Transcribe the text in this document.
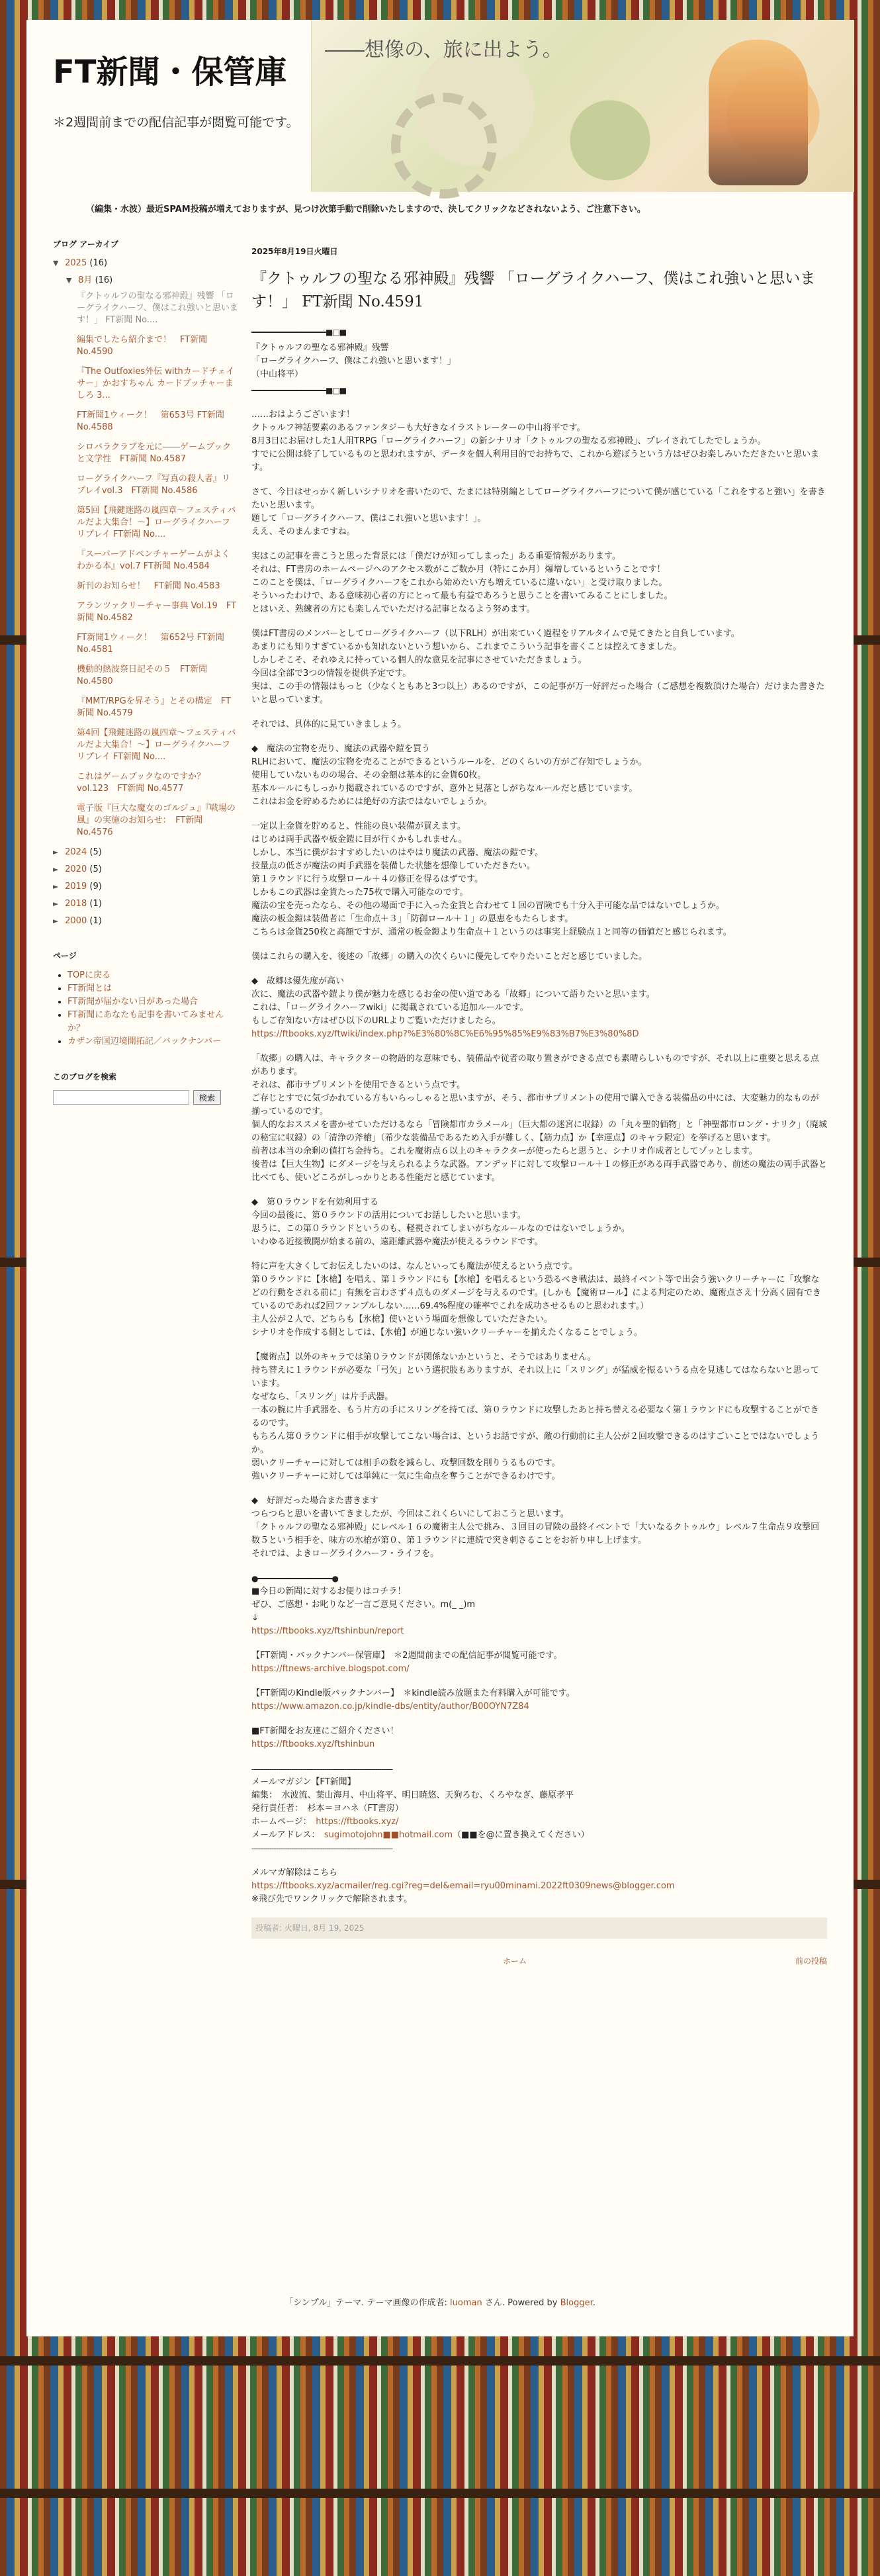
FT新聞・保管庫
＊2週間前までの配信記事が閲覧可能です。
――想像の、旅に出よう。
（編集・水波）最近SPAM投稿が増えておりますが、見つけ次第手動で削除いたしますので、決してクリックなどされないよう、ご注意下さい。
ブログ アーカイブ
▼ 2025 (16)
▼ 8月 (16)
『クトゥルフの聖なる邪神殿』残響 「ローグライクハーフ、僕はこれ強いと思います！」 FT新聞 No....
編集でしたら紹介まで！　FT新聞 No.4590
『The Outfoxies外伝 withカードチェイサー」かおすちゃん カードブッチャーましろ 3...
FT新聞1ウィーク！　第653号 FT新聞 No.4588
シロバラクラブを元に――ゲームブックと文学性　FT新聞 No.4587
ローグライクハーフ『写真の殺人者』リプレイvol.3　FT新聞 No.4586
第5回【飛鍵迷路の嵐四章〜フェスティバルだよ大集合！〜】ローグライクハーフリプレイ FT新聞 No....
『スーパーアドベンチャーゲームがよくわかる本』vol.7 FT新聞 No.4584
新刊のお知らせ！　FT新聞 No.4583
アランツァクリーチャー事典 Vol.19　FT新聞 No.4582
FT新聞1ウィーク！　第652号 FT新聞 No.4581
機動的熱波祭日記その５　FT新聞 No.4580
『MMT/RPGを昇そう』とその構定　FT新聞 No.4579
第4回【飛鍵迷路の嵐四章〜フェスティバルだよ大集合！〜】ローグライクハーフリプレイ FT新聞 No....
これはゲームブックなのですか？　vol.123　FT新聞 No.4577
電子版『巨大な魔女のゴルジュ』『戦場の風』の実施のお知らせ：　FT新聞 No.4576
► 2024 (5)
► 2020 (5)
► 2019 (9)
► 2018 (1)
► 2000 (1)
ページ
• TOPに戻る
• FT新聞とは
• FT新聞が届かない日があった場合
• FT新聞にあなたも記事を書いてみませんか？
• カザン帝国辺境開拓記／バックナンバー
このブログを検索
検索
2025年8月19日火曜日
『クトゥルフの聖なる邪神殿』残響 「ローグライクハーフ、僕はこれ強いと思います！」 FT新聞 No.4591

━━━━━━━━━━━━━━━━━━■□■

『クトゥルフの聖なる邪神殿』残響
「ローグライクハーフ、僕はこれ強いと思います！」
（中山将平）

━━━━━━━━━━━━━━━━━━■□■

……おはようございます！
クトゥルフ神話要素のあるファンタジーも大好きなイラストレーターの中山将平です。
8月3日にお届けした1人用TRPG「ローグライクハーフ」の新シナリオ「クトゥルフの聖なる邪神殿」、プレイされてしたでしょうか。
すでに公開は終了しているものと思われますが、データを個人利用目的でお持ちで、これから遊ぼうという方はぜひお楽しみいただきたいと思います。

さて、今日はせっかく新しいシナリオを書いたので、たまには特別編としてローグライクハーフについて僕が感じている「これをすると強い」を書きたいと思います。
題して「ローグライクハーフ、僕はこれ強いと思います！」。
ええ、そのまんまですね。

実はこの記事を書こうと思った背景には「僕だけが知ってしまった」ある重要情報があります。
それは、FT書房のホームページへのアクセス数がこご数か月（特にこか月）爆増しているということです！
このことを僕は、「ローグライクハーフをこれから始めたい方も増えているに違いない」と受け取りました。
そういったわけで、ある意味初心者の方にとって最も有益であろうと思うことを書いてみることにしました。
とはいえ、熟練者の方にも楽しんでいただける記事となるよう努めます。

僕はFT書房のメンバーとしてローグライクハーフ（以下RLH）が出来ていく過程をリアルタイムで見てきたと自負しています。
あまりにも知りすぎているかも知れないという想いから、これまでこういう記事を書くことは控えてきました。
しかしそこそ、それゆえに持っている個人的な意見を記事にさせていただきましょう。
今回は全部で3つの情報を提供予定です。
実は、この手の情報はもっと（少なくともあと3つ以上）あるのですが、この記事が万一好評だった場合（ご感想を複数頂けた場合）だけまた書きたいと思っています。

それでは、具体的に見ていきましょう。

◆　魔法の宝物を売り、魔法の武器や鎧を買う
RLHにおいて、魔法の宝物を売ることができるというルールを、どのくらいの方がご存知でしょうか。
使用していないものの場合、その金額は基本的に金貨60枚。
基本ルールにもしっかり掲載されているのですが、意外と見落としがちなルールだと感じています。
これはお金を貯めるためには絶好の方法ではないでしょうか。

一定以上金貨を貯めると、性能の良い装備が買えます。
はじめは両手武器や板金鎧に目が行くかもしれません。
しかし、本当に僕がおすすめしたいのはやはり魔法の武器、魔法の鎧です。
技量点の低さが魔法の両手武器を装備した状態を想像していただきたい。
第１ラウンドに行う攻撃ロール＋４の修正を得るはずです。
しかもこの武器は金貨たった75枚で購入可能なのです。
魔法の宝を売ったなら、その他の場面で手に入った金貨と合わせて１回の冒険でも十分入手可能な品ではないでしょうか。
魔法の板金鎧は装備者に「生命点＋３」「防御ロール＋１」の恩恵をもたらします。
こちらは金貨250枚と高額ですが、通常の板金鎧より生命点＋１というのは事実上経験点１と同等の価値だと感じられます。

僕はこれらの購入を、後述の「故郷」の購入の次くらいに優先してやりたいことだと感じていました。

◆　故郷は優先度が高い
次に、魔法の武器や鎧より僕が魅力を感じるお金の使い道である「故郷」について語りたいと思います。
これは、「ローグライクハーフwiki」に掲載されている追加ルールです。
もしご存知ない方はぜひ以下のURLよりご覧いただけましたら。

https://ftbooks.xyz/ftwiki/index.php?%E3%80%8C%E6%95%85%E9%83%B7%E3%80%8D

「故郷」の購入は、キャラクターの物語的な意味でも、装備品や従者の取り置きができる点でも素晴らしいものですが、それ以上に重要と思える点があります。
それは、都市サプリメントを使用できるという点です。
ご存じとすでに気づかれている方もいらっしゃると思いますが、そう、都市サプリメントの使用で購入できる装備品の中には、大変魅力的なものが揃っているのです。
個人的なおススメを書かせていただけるなら「冒険都市カラメール」（巨大都の迷宮に収録）の「丸々聖的価物」と「神聖都市ロング・ナリク」（廃城の秘宝に収録）の「清浄の斧槍」（希少な装備品であるため入手が難しく、【筋力点】か【幸運点】のキャラ限定）を挙げると思います。
前者は本当の余剰の値打ち金持ち。これを魔術点６以上のキャラクターが使ったらと思うと、シナリオ作成者としてゾッとします。
後者は【巨大生物】にダメージを与えられるような武器。アンデッドに対して攻撃ロール＋１の修正がある両手武器であり、前述の魔法の両手武器と比べても、使いどころがしっかりとある性能だと感じています。

◆　第０ラウンドを有効利用する
今回の最後に、第０ラウンドの活用についてお話ししたいと思います。
思うに、この第０ラウンドというのも、軽視されてしまいがちなルールなのではないでしょうか。
いわゆる近接戦闘が始まる前の、遠距離武器や魔法が使えるラウンドです。

特に声を大きくしてお伝えしたいのは、なんといっても魔法が使えるという点です。
第０ラウンドに【氷槍】を唱え、第１ラウンドにも【氷槍】を唱えるという恐るべき戦法は、最終イベント等で出会う強いクリーチャーに「攻撃などの行動をされる前に」有無を言わさず４点ものダメージを与えるのです。(しかも【魔術ロール】による判定のため、魔術点さえ十分高く固有できているのであれば2回ファンブルしない……69.4%程度の確率でこれを成功させるものと思われます。）
主人公が２人で、どちらも【氷槍】使いという場面を想像していただきたい。
シナリオを作成する側としては、【氷槍】が通じない強いクリーチャーを揃えたくなることでしょう。

【魔術点】以外のキャラでは第０ラウンドが関係ないかというと、そうではありません。
持ち替えに１ラウンドが必要な「弓矢」という選択肢もありますが、それ以上に「スリング」が猛威を振るいうる点を見逃してはならないと思っています。
なぜなら、「スリング」は片手武器。
一本の腕に片手武器を、もう片方の手にスリングを持てば、第０ラウンドに攻撃したあと持ち替える必要なく第１ラウンドにも攻撃することができるのです。
もちろん第０ラウンドに相手が攻撃してこない場合は、というお話ですが、敵の行動前に主人公が２回攻撃できるのはすごいことではないでしょうか。
弱いクリーチャーに対しては相手の数を減らし、攻撃回数を削りうるものです。
強いクリーチャーに対しては単純に一気に生命点を奪うことができるわけです。

◆　好評だった場合また書きます
つらつらと思いを書いてきましたが、今回はこれくらいにしておこうと思います。
「クトゥルフの聖なる邪神殿」にレベル１６の魔術主人公で挑み、３回目の冒険の最終イベントで「大いなるクトゥルウ」レベル７生命点９攻撃回数５という相手を、味方の氷槍が第０、第１ラウンドに連続で突き刺さることをお祈り申し上げます。
それでは、よきローグライクハーフ・ライフを。

●━━━━━━━━━━━━━━━━━━●

■今日の新聞に対するお便りはコチラ！
ぜひ、ご感想・お叱りなど一言ご意見ください。m(_ _)m
↓

https://ftbooks.xyz/ftshinbun/report

【FT新聞・バックナンバー保管庫】　＊2週間前までの配信記事が閲覧可能です。

https://ftnews-archive.blogspot.com/

【FT新聞のKindle版バックナンバー】　＊kindle読み放題また有料購入が可能です。

https://www.amazon.co.jp/kindle-dbs/entity/author/B00OYN7Z84

■FT新聞をお友達にご紹介ください！

https://ftbooks.xyz/ftshinbun

----------------------------------------------------------------

メールマガジン【FT新聞】
編集：　水波流、葉山海月、中山将平、明日暁悠、天狗ろむ、くろやなぎ、藤原孝平
発行責任者：　杉本＝ヨハネ（FT書房）

ホームページ：　https://ftbooks.xyz/

メールアドレス：　sugimotojohn■■hotmail.com（■■を@に置き換えてください）

----------------------------------------------------------------

メルマガ解除はこちら

https://ftbooks.xyz/acmailer/reg.cgi?reg=del&email=ryu00minami.2022ft0309news@blogger.com

※飛び先でワンクリックで解除されます。

投稿者: 火曜日, 8月 19, 2025
ホーム	前の投稿
「シンプル」テーマ. テーマ画像の作成者: luoman さん. Powered by Blogger.
